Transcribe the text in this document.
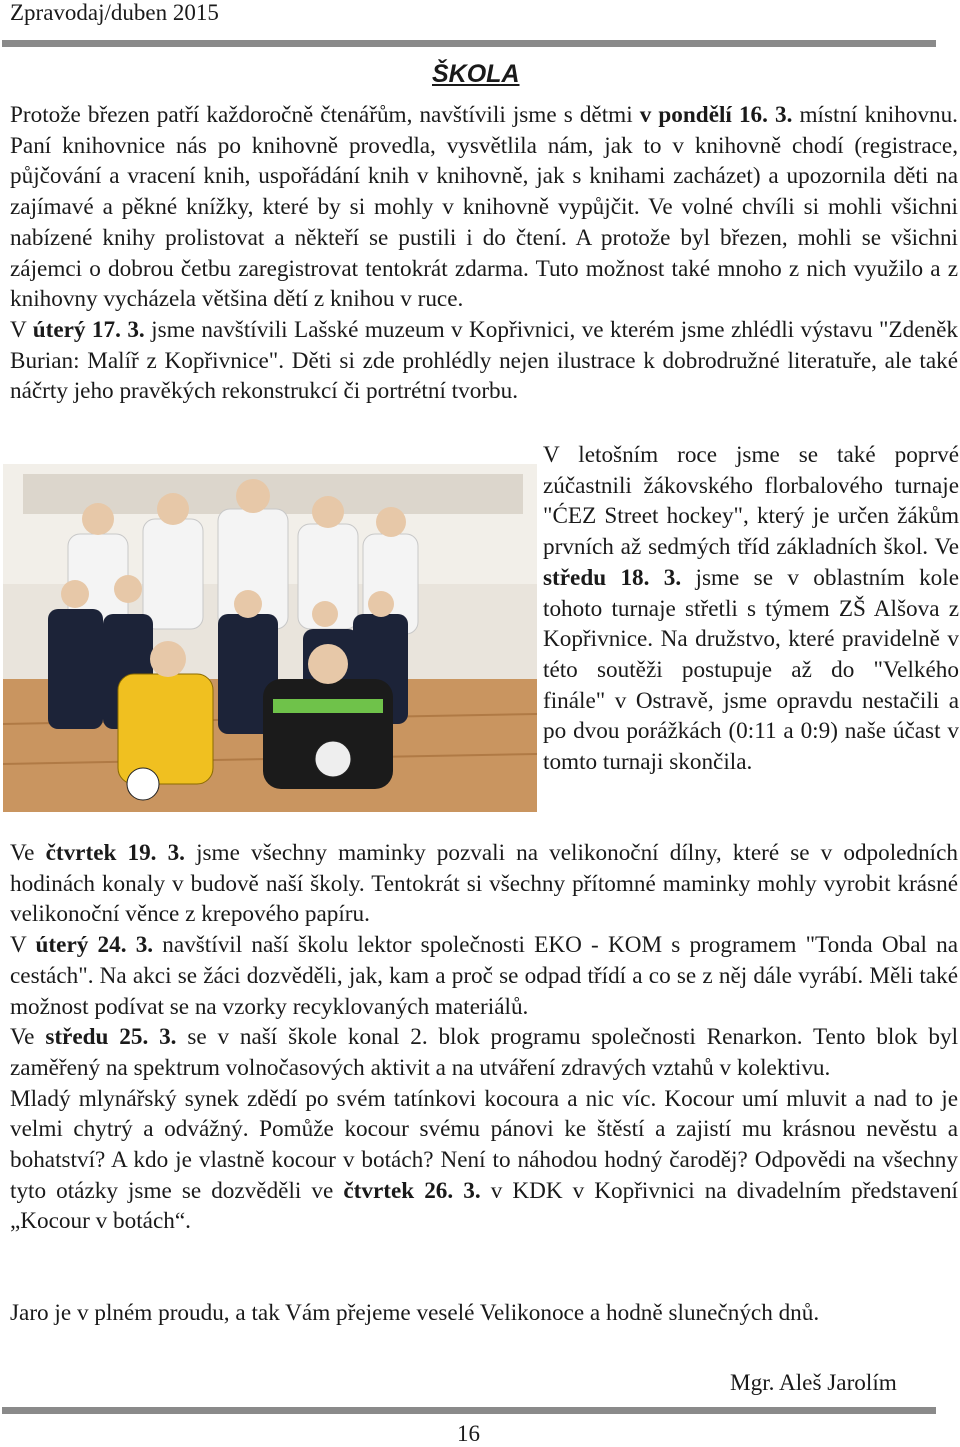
Zpravodaj/duben 2015
ŠKOLA

Protože březen patří každoročně čtenářům, navštívili jsme s dětmi v pondělí 16. 3. místní knihovnu. Paní knihovnice nás po knihovně provedla, vysvětlila nám, jak to v knihovně chodí (registrace, půjčování a vracení knih, uspořádání knih v knihovně, jak s knihami zacházet) a upozornila děti na zajímavé a pěkné knížky, které by si mohly v knihovně vypůjčit. Ve volné chvíli si mohli všichni nabízené knihy prolistovat a někteří se pustili i do čtení. A protože byl březen, mohli se všichni zájemci o dobrou četbu zaregistrovat tentokrát zdarma. Tuto možnost také mnoho z nich využilo a z knihovny vycházela většina dětí z knihou v ruce.

V úterý 17. 3. jsme navštívili Lašské muzeum v Kopřivnici, ve kterém jsme zhlédli výstavu "Zdeněk Burian: Malíř z Kopřivnice". Děti si zde prohlédly nejen ilustrace k dobrodružné literatuře, ale také náčrty jeho pravěkých rekonstrukcí či portrétní tvorbu.

V letošním roce jsme se také poprvé zúčastnili žákovského florbalového turnaje "ĆEZ Street hockey", který je určen žákům prvních až sedmých tříd základních škol. Ve středu 18. 3. jsme se v oblastním kole tohoto turnaje střetli s týmem ZŠ Alšova z Kopřivnice. Na družstvo, které pravidelně v této soutěži postupuje až do "Velkého finále" v Ostravě, jsme opravdu nestačili a po dvou porážkách (0:11 a 0:9) naše účast v tomto turnaji skončila.

Ve čtvrtek 19. 3. jsme všechny maminky pozvali na velikonoční dílny, které se v odpoledních hodinách konaly v budově naší školy. Tentokrát si všechny přítomné maminky mohly vyrobit krásné velikonoční věnce z krepového papíru.

V úterý 24. 3. navštívil naší školu lektor společnosti EKO - KOM s programem "Tonda Obal na cestách". Na akci se žáci dozvěděli, jak, kam a proč se odpad třídí a co se z něj dále vyrábí. Měli také možnost podívat se na vzorky recyklovaných materiálů.

Ve středu 25. 3. se v naší škole konal 2. blok programu společnosti Renarkon. Tento blok byl zaměřený na spektrum volnočasových aktivit a na utváření zdravých vztahů v kolektivu.

Mladý mlynářský synek zdědí po svém tatínkovi kocoura a nic víc. Kocour umí mluvit a nad to je velmi chytrý a odvážný. Pomůže kocour svému pánovi ke štěstí a zajistí mu krásnou nevěstu a bohatství? A kdo je vlastně kocour v botách? Není to náhodou hodný čaroděj? Odpovědi na všechny tyto otázky jsme se dozvěděli ve čtvrtek 26. 3. v KDK v Kopřivnici na divadelním představení „Kocour v botách“.

Jaro je v plném proudu, a tak Vám přejeme veselé Velikonoce a hodně slunečných dnů.
Mgr. Aleš Jarolím
16
